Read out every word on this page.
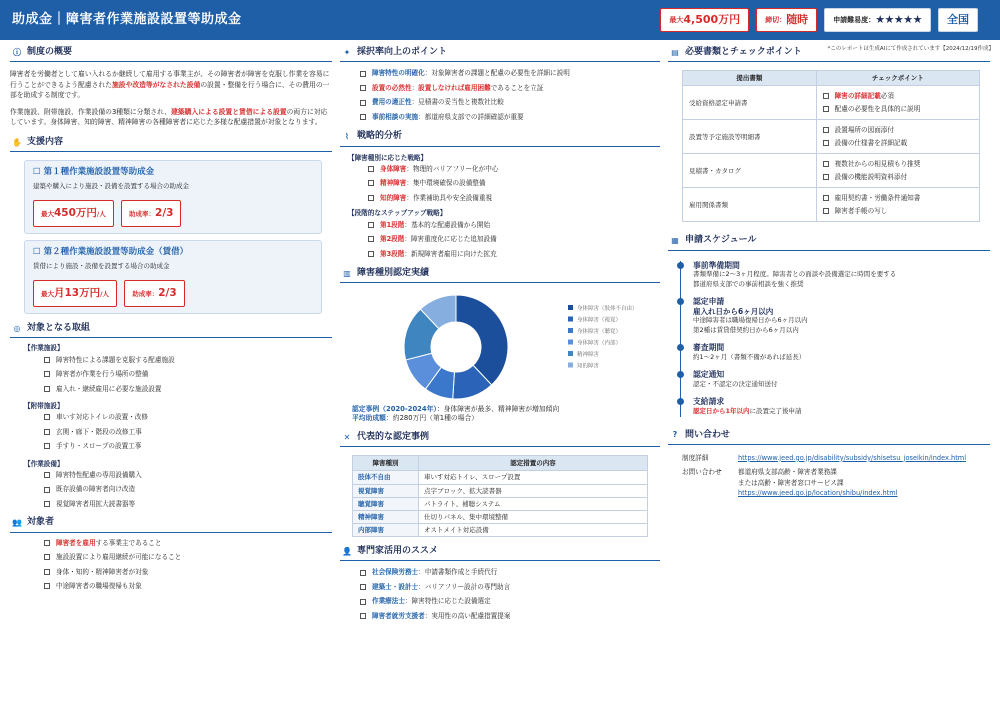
助成金｜障害者作業施設設置等助成金	最大 4,500万円	締切： 随時	申請難易度： ★★★★★ 全国
*このレポートは生成AIにて作成されています【2024/12/19作成】
ⓘ 制度の概要
障害者を労働者として雇い入れるか継続して雇用する事業主が、その障害者が障害を克服し作業を容易に行うことができるよう配慮された施設や改造等がなされた設備の設置・整備を行う場合に、その費用の一部を助成する制度です。
作業施設、附帯施設、作業設備の3種類に分類され、建築購入による設置と賃借による設置の両方に対応しています。身体障害、知的障害、精神障害の各種障害者に応じた多様な配慮措置が対象となります。
✋ 支援内容
☐ 第１種作業施設設置等助成金
建築や購入により施設・設備を設置する場合の助成金
最大 450万円 /人
	助成率： 2/3
☐ 第２種作業施設設置等助成金（賃借）
賃借により施設・設備を設置する場合の助成金
最大 月13万円 /人
	助成率： 2/3
◎ 対象となる取組
【作業施設】
障害特性による課題を克服する配慮施設
障害者が作業を行う場所の整備
雇入れ・継続雇用に必要な施設設置
【附帯施設】
車いす対応トイレの設置・改修
玄関・廊下・階段の改修工事
手すり・スロープの設置工事
【作業設備】
障害特性配慮の専用設備購入
既存設備の障害者向け改造
視覚障害者用拡大読書器等
👥 対象者
障害者を雇用 する事業主であること
施設設置により雇用継続が可能になること
身体・知的・精神障害者が対象
中途障害者の職場復帰も対象
✦ 採択率向上のポイント
障害特性の明確化 ：対象障害者の課題と配慮の必要性を詳細に説明
設置の必然性 ： 設置しなければ雇用困難 であることを立証
費用の適正性 ：見積書の妥当性と複数社比較
事前相談の実施 ：都道府県支部での詳細確認が重要
⌇ 戦略的分析
【障害種別に応じた戦略】
身体障害 ：物理的バリアフリー化が中心
精神障害 ：集中環境確保の設備整備
知的障害 ：作業補助具や安全設備重視
【段階的なステップアップ戦略】
第1段階 ：基本的な配慮設備から開始
第2段階 ：障害重度化に応じた追加設備
第3段階 ：新規障害者雇用に向けた拡充
▥ 障害種別認定実績
身体障害（肢体不自由）
身体障害（視覚）
身体障害（聴覚）
身体障害（内部）
精神障害
知的障害
認定事例（2020-2024年）：身体障害が最多、精神障害が増加傾向
平均助成額：約280万円（第1種の場合）
✕ 代表的な認定事例
障害種別	認定措置の内容
肢体不自由	車いす対応トイレ、スロープ設置
視覚障害	点字ブロック、拡大読書器
聴覚障害	パトライト、補聴システム
精神障害	仕切りパネル、集中環境整備
内部障害	オストメイト対応設備
👤 専門家活用のススメ
社会保険労務士 ：申請書類作成と手続代行
建築士・設計士 ：バリアフリー設計の専門助言
作業療法士 ：障害特性に応じた設備選定
障害者就労支援者 ：実用性の高い配慮措置提案
▤ 必要書類とチェックポイント
提出書類	チェックポイント
受給資格認定申請書	障害の詳細記載 必須
配慮の必要性を具体的に説明

設置等予定施設等明細書	設置場所の図面添付
設備の仕様書を詳細記載

見積書・カタログ	複数社からの相見積もり推奨
設備の機能説明資料添付

雇用関係書類	雇用契約書・労働条件通知書
障害者手帳の写し
▦ 申請スケジュール
事前準備期間
書類準備に2〜3ヶ月程度。障害者との面談や設備選定に時間を要する
都道府県支部での事前相談を強く推奨
認定申請
雇入れ日から6ヶ月以内
中途障害者は職場復帰日から6ヶ月以内
第2種は賃貸借契約日から6ヶ月以内
審査期間
約1〜2ヶ月（書類不備があれば延長）
認定通知
認定・不認定の決定通知送付
支給請求
認定日から1年以内に設置完了後申請
? 問い合わせ
制度詳細	https://www.jeed.go.jp/disability/subsidy/shisetsu_joseikin/index.html
お問い合わせ	都道府県支部高齢・障害者業務課
または高齢・障害者窓口サービス課
https://www.jeed.go.jp/location/shibu/index.html
